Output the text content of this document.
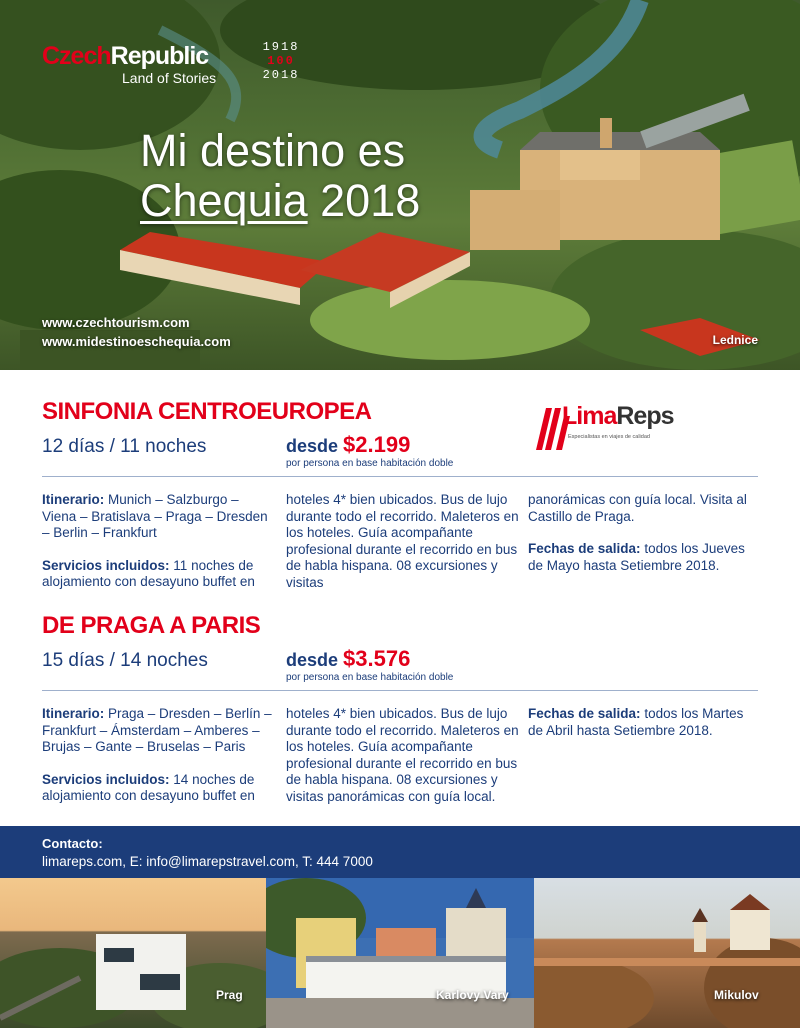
CzechRepublic
Land of Stories
1918
100
2018
Mi destino es
Chequia 2018
www.czechtourism.com
www.midestinoeschequia.com	Lednice
LimaReps
Especialistas en viajes de calidad
SINFONIA CENTROEUROPEA
12 días / 11 noches	desde $2.199
por persona en base habitación doble

Itinerario: Munich – Salzburgo – Viena – Bratislava – Praga – Dresden – Berlin – Frankfurt

Servicios incluidos: 11 noches de alojamiento con desayuno buffet en

hoteles 4* bien ubicados. Bus de lujo durante todo el recorrido. Maleteros en los hoteles. Guía acompañante profesional durante el recorrido en bus de habla hispana. 08 excursiones y visitas

panorámicas con guía local. Visita al Castillo de Praga.

Fechas de salida: todos los Jueves de Mayo hasta Setiembre 2018.

DE PRAGA A PARIS
15 días / 14 noches	desde $3.576
por persona en base habitación doble

Itinerario: Praga – Dresden – Berlín – Frankfurt – Ámsterdam – Amberes – Brujas – Gante – Bruselas – Paris

Servicios incluidos: 14 noches de alojamiento con desayuno buffet en

hoteles 4* bien ubicados. Bus de lujo durante todo el recorrido. Maleteros en los hoteles. Guía acompañante profesional durante el recorrido en bus de habla hispana. 08 excursiones y visitas panorámicas con guía local.

Fechas de salida: todos los Martes de Abril hasta Setiembre 2018.

Contacto:
limareps.com, E: info@limarepstravel.com, T: 444 7000
Prag	Karlovy Vary	Mikulov
